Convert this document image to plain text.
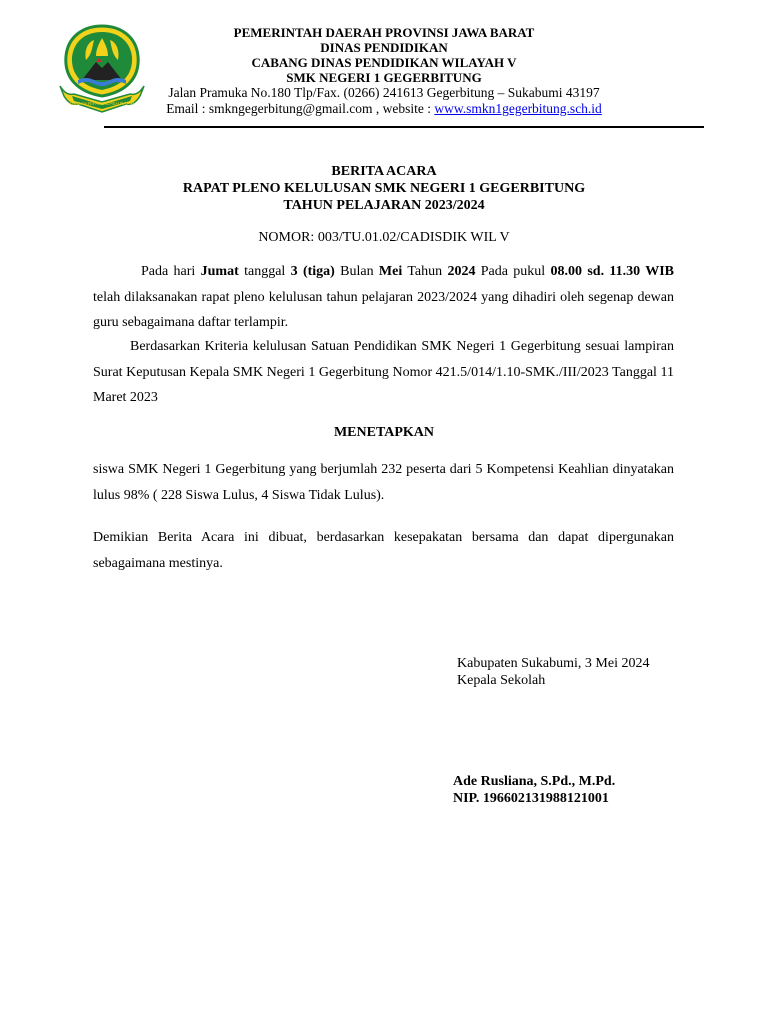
GEMAH RIPAH REPEH RAPIH
PEMERINTAH DAERAH PROVINSI JAWA BARAT
DINAS PENDIDIKAN
CABANG DINAS PENDIDIKAN WILAYAH V
SMK NEGERI 1 GEGERBITUNG
Jalan Pramuka No.180 Tlp/Fax. (0266) 241613 Gegerbitung – Sukabumi 43197
Email : smkngegerbitung@gmail.com , website : www.smkn1gegerbitung.sch.id
BERITA ACARA
RAPAT PLENO KELULUSAN SMK NEGERI 1 GEGERBITUNG
TAHUN PELAJARAN 2023/2024
NOMOR: 003/TU.01.02/CADISDIK WIL V
Pada hari Jumat tanggal 3 (tiga) Bulan Mei Tahun 2024 Pada pukul 08.00 sd. 11.30 WIB telah dilaksanakan rapat pleno kelulusan tahun pelajaran 2023/2024 yang dihadiri oleh segenap dewan guru sebagaimana daftar terlampir.
Berdasarkan Kriteria kelulusan Satuan Pendidikan SMK Negeri 1 Gegerbitung sesuai lampiran Surat Keputusan Kepala SMK Negeri 1 Gegerbitung Nomor 421.5/014/1.10-SMK./III/2023 Tanggal 11 Maret 2023
MENETAPKAN
siswa SMK Negeri 1 Gegerbitung yang berjumlah 232 peserta dari 5 Kompetensi Keahlian dinyatakan lulus 98% ( 228 Siswa Lulus, 4 Siswa Tidak Lulus).
Demikian Berita Acara ini dibuat, berdasarkan kesepakatan bersama dan dapat dipergunakan sebagaimana mestinya.
Kabupaten Sukabumi, 3 Mei 2024
Kepala Sekolah
Ade Rusliana, S.Pd., M.Pd.
NIP. 196602131988121001
